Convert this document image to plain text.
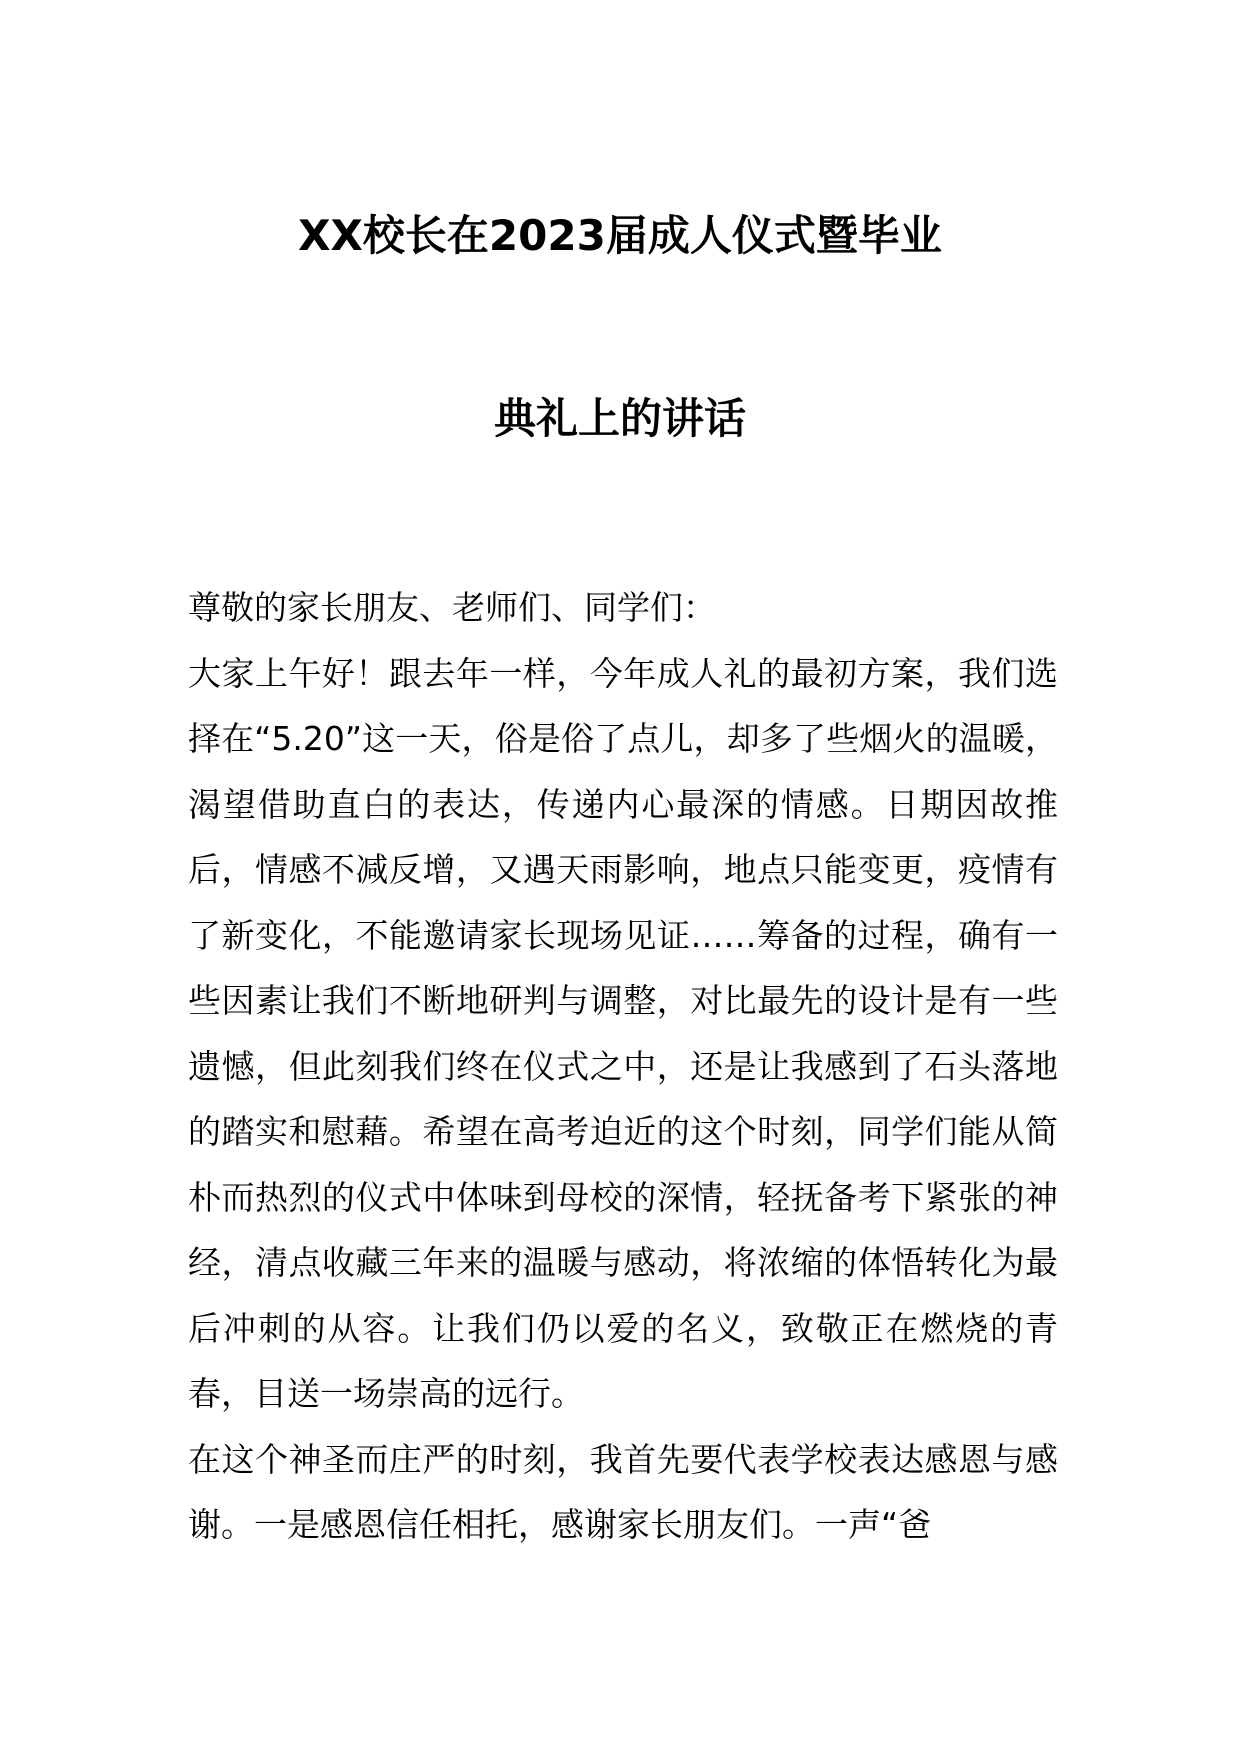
XX校长在2023届成人仪式暨毕业
典礼上的讲话

尊敬的家长朋友、老师们、同学们：

大家上午好！跟去年一样，今年成人礼的最初方案，我们选择在“5.20”这一天，俗是俗了点儿，却多了些烟火的温暖，渴望借助直白的表达，传递内心最深的情感。日期因故推后，情感不减反增，又遇天雨影响，地点只能变更，疫情有了新变化，不能邀请家长现场见证……筹备的过程，确有一些因素让我们不断地研判与调整，对比最先的设计是有一些遗憾，但此刻我们终在仪式之中，还是让我感到了石头落地的踏实和慰藉。希望在高考迫近的这个时刻，同学们能从简朴而热烈的仪式中体味到母校的深情，轻抚备考下紧张的神经，清点收藏三年来的温暖与感动，将浓缩的体悟转化为最后冲刺的从容。让我们仍以爱的名义，致敬正在燃烧的青春，目送一场崇高的远行。

在这个神圣而庄严的时刻，我首先要代表学校表达感恩与感谢。一是感恩信任相托，感谢家长朋友们。一声“爸
